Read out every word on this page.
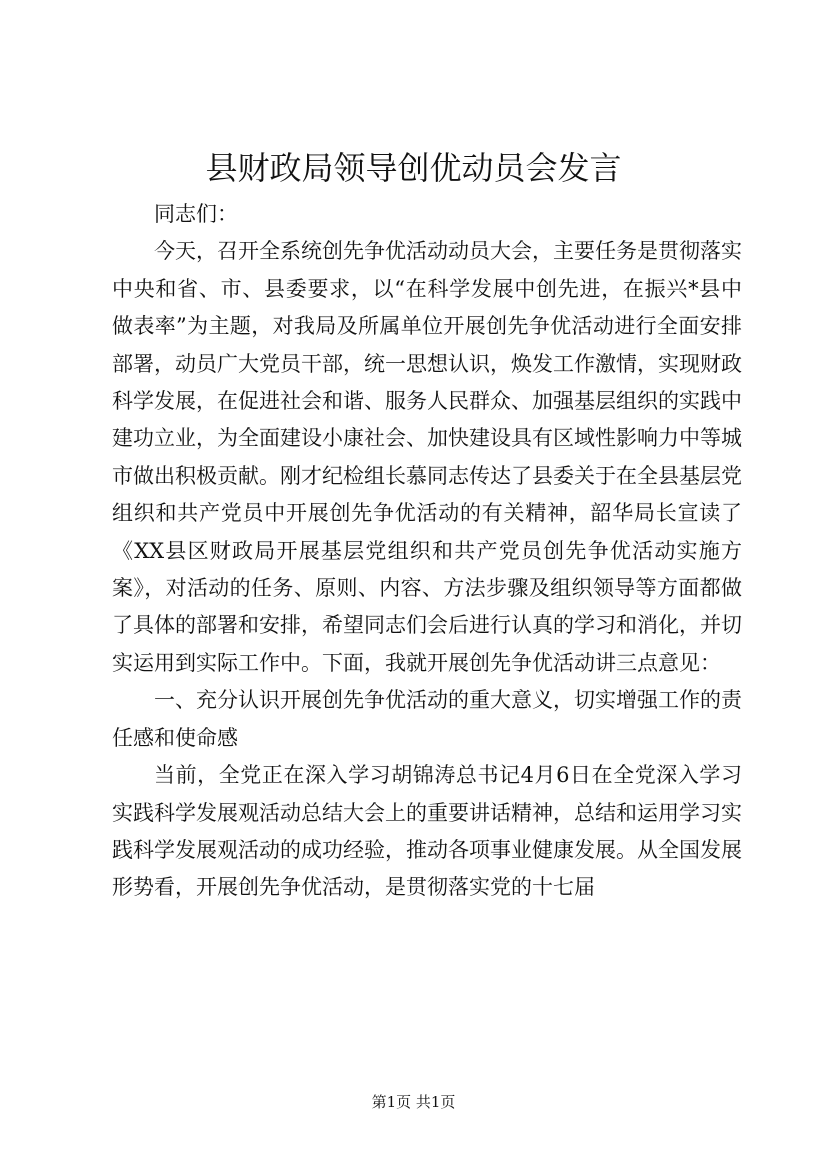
县财政局领导创优动员会发言

同志们：

今天，召开全系统创先争优活动动员大会，主要任务是贯彻落实中央和省、市、县委要求，以“在科学发展中创先进，在振兴*县中做表率”为主题，对我局及所属单位开展创先争优活动进行全面安排部署，动员广大党员干部，统一思想认识，焕发工作激情，实现财政科学发展，在促进社会和谐、服务人民群众、加强基层组织的实践中建功立业，为全面建设小康社会、加快建设具有区域性影响力中等城市做出积极贡献。刚才纪检组长慕同志传达了县委关于在全县基层党组织和共产党员中开展创先争优活动的有关精神，韶华局长宣读了《XX县区财政局开展基层党组织和共产党员创先争优活动实施方案》，对活动的任务、原则、内容、方法步骤及组织领导等方面都做了具体的部署和安排，希望同志们会后进行认真的学习和消化，并切实运用到实际工作中。下面，我就开展创先争优活动讲三点意见：

一、充分认识开展创先争优活动的重大意义，切实增强工作的责任感和使命感

当前，全党正在深入学习胡锦涛总书记4月6日在全党深入学习实践科学发展观活动总结大会上的重要讲话精神，总结和运用学习实践科学发展观活动的成功经验，推动各项事业健康发展。从全国发展形势看，开展创先争优活动，是贯彻落实党的十七届

第1页 共1页
